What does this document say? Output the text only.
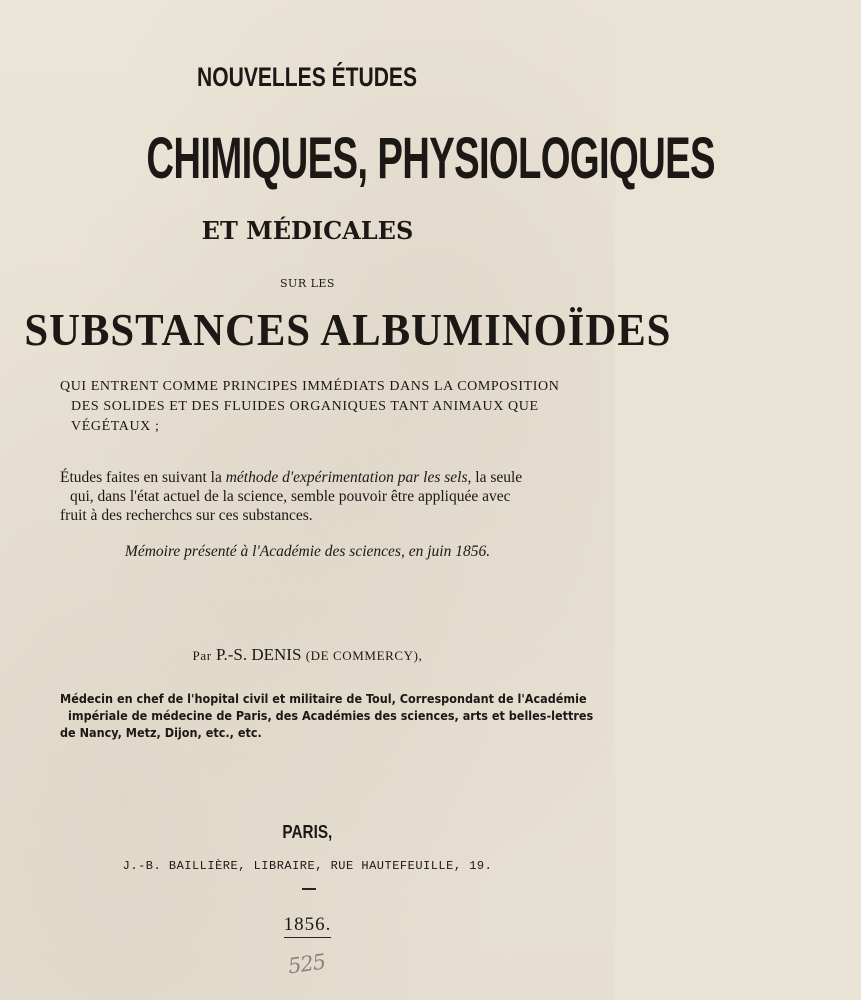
NOUVELLES ÉTUDES
CHIMIQUES, PHYSIOLOGIQUES
ET MÉDICALES
SUR LES
SUBSTANCES ALBUMINOÏDES
QUI ENTRENT COMME PRINCIPES IMMÉDIATS DANS LA COMPOSITION
DES SOLIDES ET DES FLUIDES ORGANIQUES TANT ANIMAUX QUE
VÉGÉTAUX ;
Études faites en suivant la méthode d'expérimentation par les sels, la seule
qui, dans l'état actuel de la science, semble pouvoir être appliquée avec
fruit à des recherchcs sur ces substances.
Mémoire présenté à l'Académie des sciences, en juin 1856.
Par P.-S. DENIS (DE COMMERCY),
Médecin en chef de l'hopital civil et militaire de Toul, Correspondant de l'Académie
impériale de médecine de Paris, des Académies des sciences, arts et belles-lettres
de Nancy, Metz, Dijon, etc., etc.
PARIS,
J.-B. BAILLIÈRE, LIBRAIRE, RUE HAUTEFEUILLE, 19.
1856.
525
